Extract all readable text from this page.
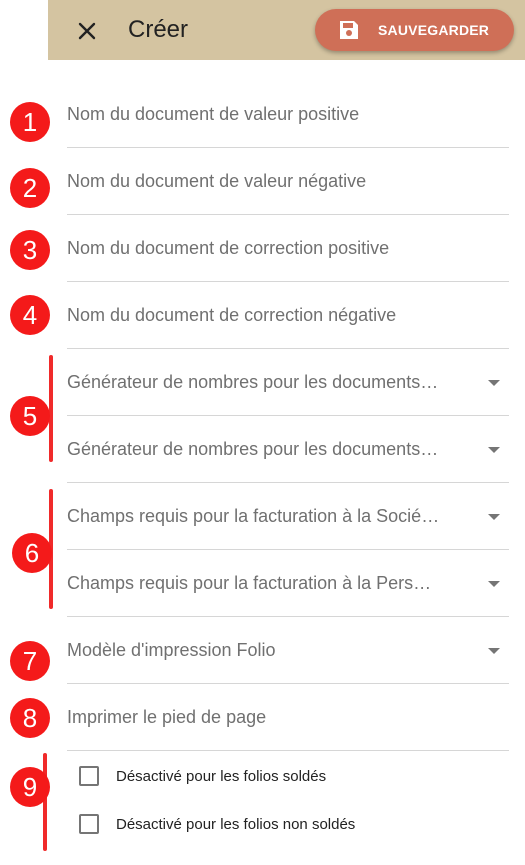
Créer	SAUVEGARDER
1	Nom du document de valeur positive
2	Nom du document de valeur négative
3	Nom du document de correction positive
4	Nom du document de correction négative
5
Générateur de nombres pour les documents…
Générateur de nombres pour les documents…
6
Champs requis pour la facturation à la Socié…
Champs requis pour la facturation à la Pers…
7	Modèle d'impression Folio
8	Imprimer le pied de page
9	Désactivé pour les folios soldés
Désactivé pour les folios non soldés
